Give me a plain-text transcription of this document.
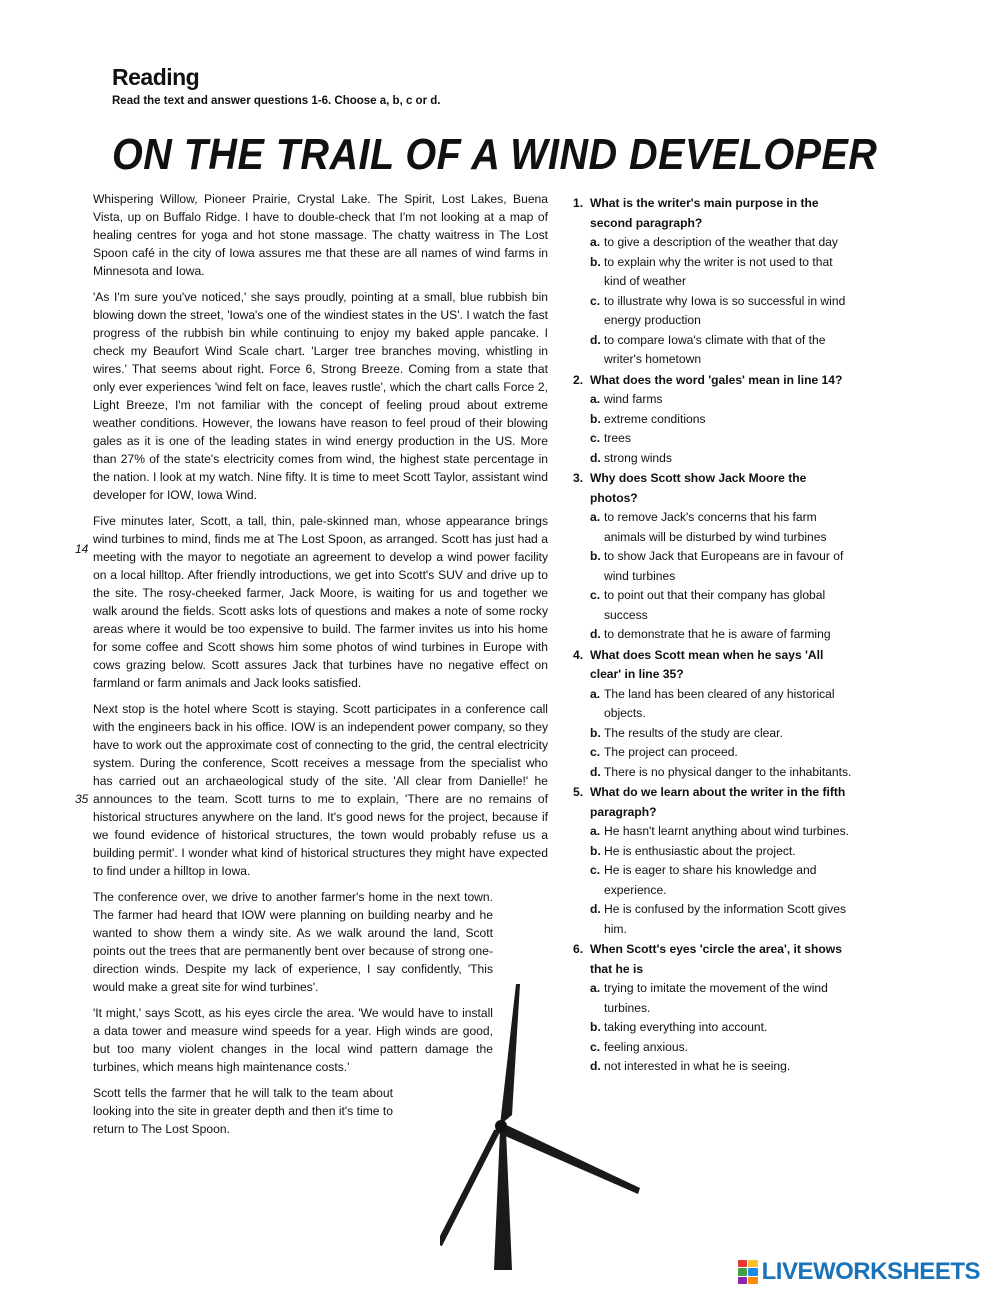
Reading

Read the text and answer questions 1-6. Choose a, b, c or d.

ON THE TRAIL OF A WIND DEVELOPER

Whispering Willow, Pioneer Prairie, Crystal Lake. The Spirit, Lost Lakes, Buena Vista, up on Buffalo Ridge. I have to double-check that I'm not looking at a map of healing centres for yoga and hot stone massage. The chatty waitress in The Lost Spoon café in the city of Iowa assures me that these are all names of wind farms in Minnesota and Iowa.

14
'As I'm sure you've noticed,' she says proudly, pointing at a small, blue rubbish bin blowing down the street, 'Iowa's one of the windiest states in the US'. I watch the fast progress of the rubbish bin while continuing to enjoy my baked apple pancake. I check my Beaufort Wind Scale chart. 'Larger tree branches moving, whistling in wires.' That seems about right. Force 6, Strong Breeze. Coming from a state that only ever experiences 'wind felt on face, leaves rustle', which the chart calls Force 2, Light Breeze, I'm not familiar with the concept of feeling proud about extreme weather conditions. However, the Iowans have reason to feel proud of their blowing gales as it is one of the leading states in wind energy production in the US. More than 27% of the state's electricity comes from wind, the highest state percentage in the nation. I look at my watch. Nine fifty. It is time to meet Scott Taylor, assistant wind developer for IOW, Iowa Wind.

Five minutes later, Scott, a tall, thin, pale-skinned man, whose appearance brings wind turbines to mind, finds me at The Lost Spoon, as arranged. Scott has just had a meeting with the mayor to negotiate an agreement to develop a wind power facility on a local hilltop. After friendly introductions, we get into Scott's SUV and drive up to the site. The rosy-cheeked farmer, Jack Moore, is waiting for us and together we walk around the fields. Scott asks lots of questions and makes a note of some rocky areas where it would be too expensive to build. The farmer invites us into his home for some coffee and Scott shows him some photos of wind turbines in Europe with cows grazing below. Scott assures Jack that turbines have no negative effect on farmland or farm animals and Jack looks satisfied.

35
Next stop is the hotel where Scott is staying. Scott participates in a conference call with the engineers back in his office. IOW is an independent power company, so they have to work out the approximate cost of connecting to the grid, the central electricity system. During the conference, Scott receives a message from the specialist who has carried out an archaeological study of the site. 'All clear from Danielle!' he announces to the team. Scott turns to me to explain, 'There are no remains of historical structures anywhere on the land. It's good news for the project, because if we found evidence of historical structures, the town would probably refuse us a building permit'. I wonder what kind of historical structures they might have expected to find under a hilltop in Iowa.

The conference over, we drive to another farmer's home in the next town. The farmer had heard that IOW were planning on building nearby and he wanted to show them a windy site. As we walk around the land, Scott points out the trees that are permanently bent over because of strong one-direction winds. Despite my lack of experience, I say confidently, 'This would make a great site for wind turbines'.

'It might,' says Scott, as his eyes circle the area. 'We would have to install a data tower and measure wind speeds for a year. High winds are good, but too many violent changes in the local wind pattern damage the turbines, which means high maintenance costs.'

Scott tells the farmer that he will talk to the team about looking into the site in greater depth and then it's time to return to The Lost Spoon.

1. What is the writer's main purpose in the second paragraph?
a. to give a description of the weather that day
b. to explain why the writer is not used to that kind of weather
c. to illustrate why Iowa is so successful in wind energy production
d. to compare Iowa's climate with that of the writer's hometown
2. What does the word 'gales' mean in line 14?
a. wind farms
b. extreme conditions
c. trees
d. strong winds
3. Why does Scott show Jack Moore the photos?
a. to remove Jack's concerns that his farm animals will be disturbed by wind turbines
b. to show Jack that Europeans are in favour of wind turbines
c. to point out that their company has global success
d. to demonstrate that he is aware of farming
4. What does Scott mean when he says 'All clear' in line 35?
a. The land has been cleared of any historical objects.
b. The results of the study are clear.
c. The project can proceed.
d. There is no physical danger to the inhabitants.
5. What do we learn about the writer in the fifth paragraph?
a. He hasn't learnt anything about wind turbines.
b. He is enthusiastic about the project.
c. He is eager to share his knowledge and experience.
d. He is confused by the information Scott gives him.
6. When Scott's eyes 'circle the area', it shows that he is
a. trying to imitate the movement of the wind turbines.
b. taking everything into account.
c. feeling anxious.
d. not interested in what he is seeing.
LIVEWORKSHEETS
